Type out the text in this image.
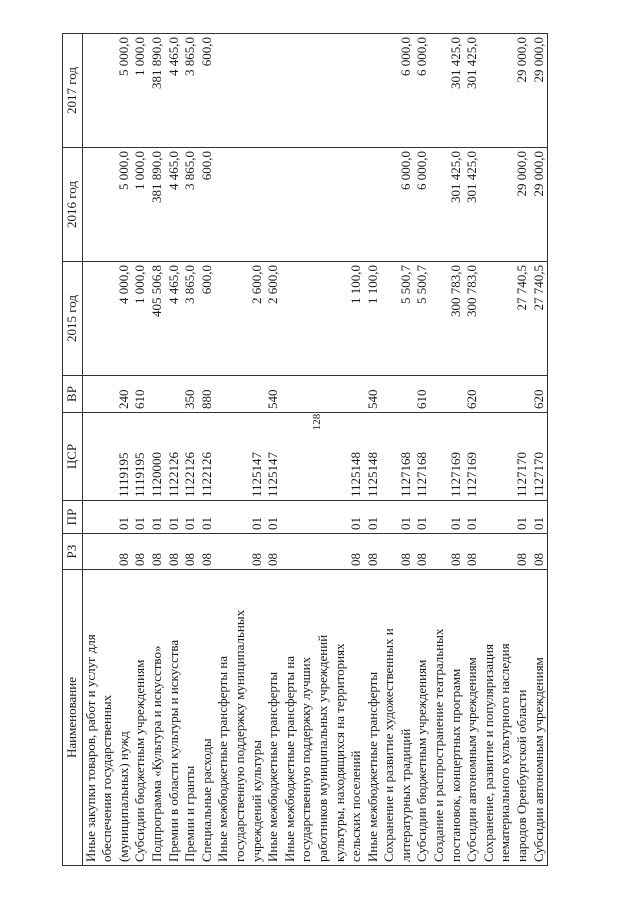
128
Наименование	РЗ	ПР	ЦСР	ВР	2015 год	2016 год	2017 год

Иные закупки товаров, работ и услуг для обеспечения государственных (муниципальных) нужд	08	01	1119195	240	4 000,0	5 000,0	5 000,0

Субсидии бюджетным учреждениям	08	01	1119195	610	1 000,0	1 000,0	1 000,0

Подпрограмма «Культура и искусство»	08	01	1120000		405 506,8	381 890,0	381 890,0

Премии в области культуры и искусства	08	01	1122126		4 465,0	4 465,0	4 465,0

Премии и гранты	08	01	1122126	350	3 865,0	3 865,0	3 865,0

Специальные расходы	08	01	1122126	880	600,0	600,0	600,0

Иные межбюджетные трансферты на государственную поддержку муниципальных учреждений культуры	08	01	1125147		2 600,0		

Иные межбюджетные трансферты	08	01	1125147	540	2 600,0		

Иные межбюджетные трансферты на государственную поддержку лучших работников муниципальных учреждений культуры, находящихся на территориях сельских поселений	08	01	1125148		1 100,0		

Иные межбюджетные трансферты	08	01	1125148	540	1 100,0		

Сохранение и развитие художественных и литературных традиций	08	01	1127168		5 500,7	6 000,0	6 000,0

Субсидии бюджетным учреждениям	08	01	1127168	610	5 500,7	6 000,0	6 000,0

Создание и распространение театральных постановок, концертных программ	08	01	1127169		300 783,0	301 425,0	301 425,0

Субсидии автономным учреждениям	08	01	1127169	620	300 783,0	301 425,0	301 425,0

Сохранение, развитие и популяризация нематериального культурного наследия народов Оренбургской области	08	01	1127170		27 740,5	29 000,0	29 000,0

Субсидии автономным учреждениям	08	01	1127170	620	27 740,5	29 000,0	29 000,0
